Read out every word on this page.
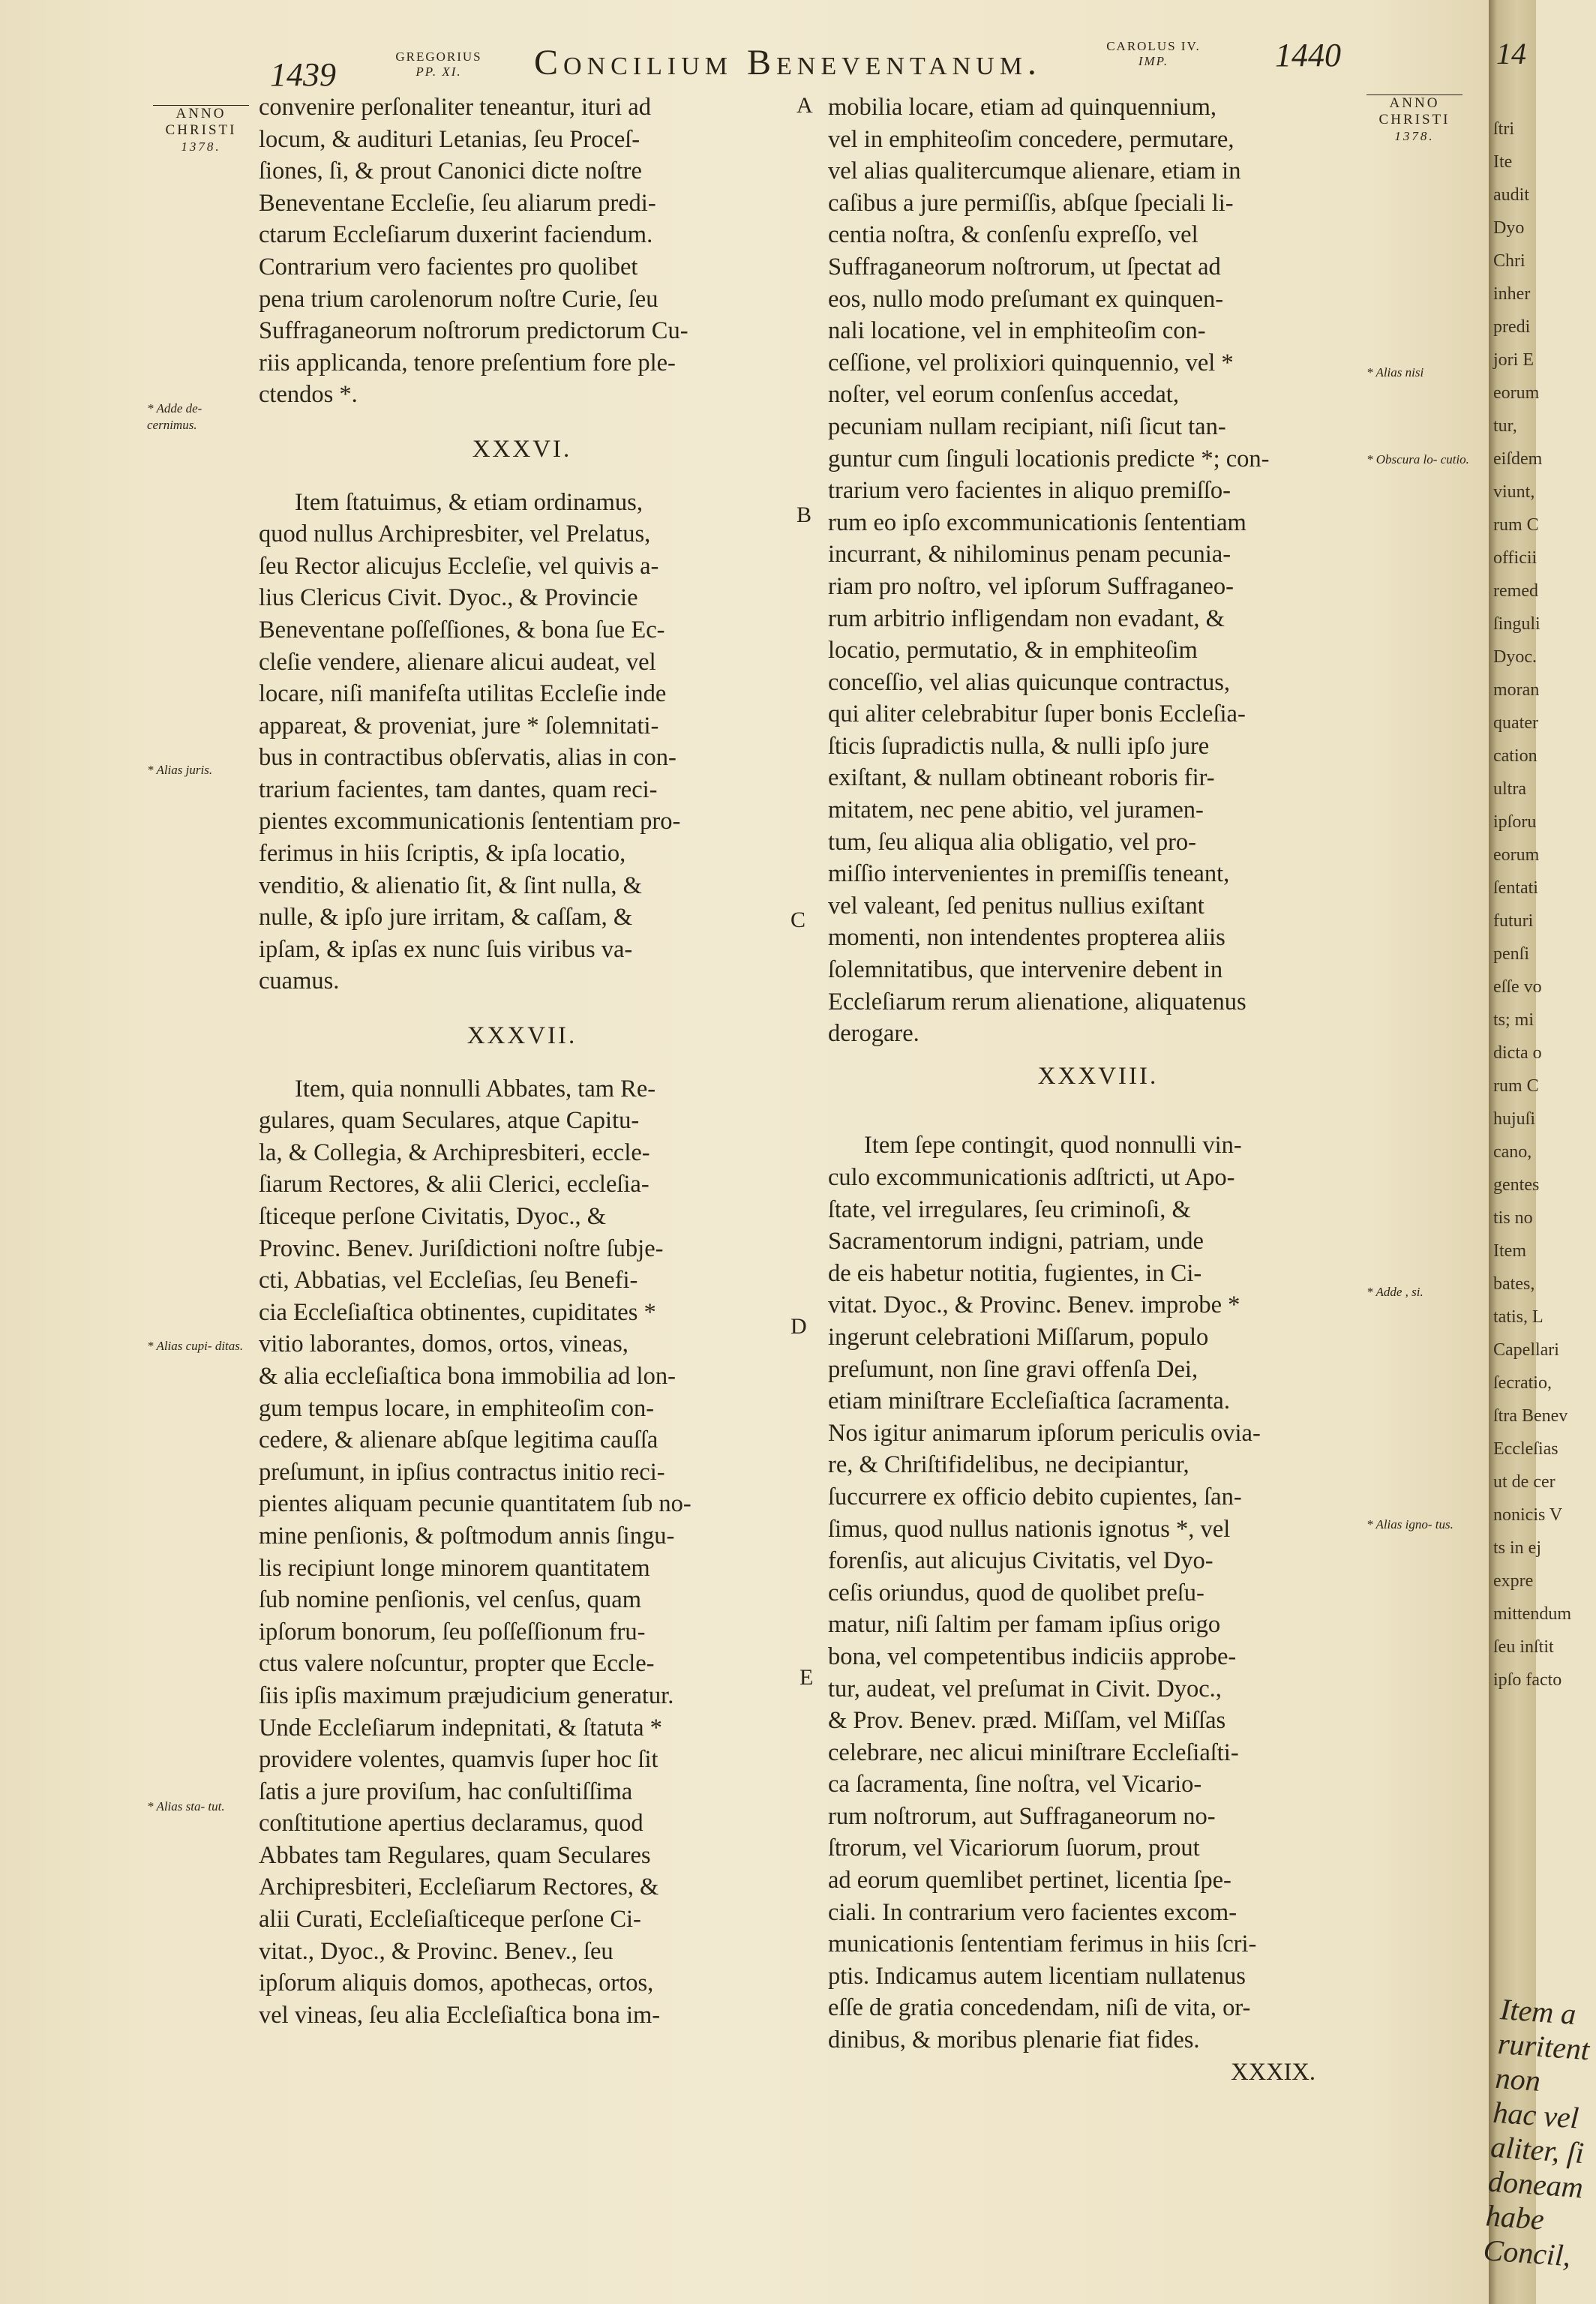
1439	GREGORIUS
PP. XI.	Concilium Beneventanum.	CAROLUS IV.
IMP.	1440
ANNO
CHRISTI
1378.
* Adde de- cernimus.
* Alias juris.
* Alias cupi- ditas.
* Alias sta- tut.
A
B
C
D
E

convenire perſonaliter teneantur, ituri ad

locum, & audituri Letanias, ſeu Proceſ-

ſiones, ſi, & prout Canonici dicte noſtre

Beneventane Eccleſie, ſeu aliarum predi-

ctarum Eccleſiarum duxerint faciendum.

Contrarium vero facientes pro quolibet

pena trium carolenorum noſtre Curie, ſeu

Suffraganeorum noſtrorum predictorum Cu-

riis applicanda, tenore preſentium fore ple-

ctendos *.

XXXVI.

Item ſtatuimus, & etiam ordinamus,

quod nullus Archipresbiter, vel Prelatus,

ſeu Rector alicujus Eccleſie, vel quivis a-

lius Clericus Civit. Dyoc., & Provincie

Beneventane poſſeſſiones, & bona ſue Ec-

cleſie vendere, alienare alicui audeat, vel

locare, niſi manifeſta utilitas Eccleſie inde

appareat, & proveniat, jure * ſolemnitati-

bus in contractibus obſervatis, alias in con-

trarium facientes, tam dantes, quam reci-

pientes excommunicationis ſententiam pro-

ferimus in hiis ſcriptis, & ipſa locatio,

venditio, & alienatio ſit, & ſint nulla, &

nulle, & ipſo jure irritam, & caſſam, &

ipſam, & ipſas ex nunc ſuis viribus va-

cuamus.

XXXVII.

Item, quia nonnulli Abbates, tam Re-

gulares, quam Seculares, atque Capitu-

la, & Collegia, & Archipresbiteri, eccle-

ſiarum Rectores, & alii Clerici, eccleſia-

ſticeque perſone Civitatis, Dyoc., &

Provinc. Benev. Juriſdictioni noſtre ſubje-

cti, Abbatias, vel Eccleſias, ſeu Benefi-

cia Eccleſiaſtica obtinentes, cupiditates *

vitio laborantes, domos, ortos, vineas,

& alia eccleſiaſtica bona immobilia ad lon-

gum tempus locare, in emphiteoſim con-

cedere, & alienare abſque legitima cauſſa

preſumunt, in ipſius contractus initio reci-

pientes aliquam pecunie quantitatem ſub no-

mine penſionis, & poſtmodum annis ſingu-

lis recipiunt longe minorem quantitatem

ſub nomine penſionis, vel cenſus, quam

ipſorum bonorum, ſeu poſſeſſionum fru-

ctus valere noſcuntur, propter que Eccle-

ſiis ipſis maximum præjudicium generatur.

Unde Eccleſiarum indepnitati, & ſtatuta *

providere volentes, quamvis ſuper hoc ſit

ſatis a jure proviſum, hac conſultiſſima

conſtitutione apertius declaramus, quod

Abbates tam Regulares, quam Seculares

Archipresbiteri, Eccleſiarum Rectores, &

alii Curati, Eccleſiaſticeque perſone Ci-

vitat., Dyoc., & Provinc. Benev., ſeu

ipſorum aliquis domos, apothecas, ortos,

vel vineas, ſeu alia Eccleſiaſtica bona im-

mobilia locare, etiam ad quinquennium,

vel in emphiteoſim concedere, permutare,

vel alias qualitercumque alienare, etiam in

caſibus a jure permiſſis, abſque ſpeciali li-

centia noſtra, & conſenſu expreſſo, vel

Suffraganeorum noſtrorum, ut ſpectat ad

eos, nullo modo preſumant ex quinquen-

nali locatione, vel in emphiteoſim con-

ceſſione, vel prolixiori quinquennio, vel *

noſter, vel eorum conſenſus accedat,

pecuniam nullam recipiant, niſi ſicut tan-

guntur cum ſinguli locationis predicte *; con-

trarium vero facientes in aliquo premiſſo-

rum eo ipſo excommunicationis ſententiam

incurrant, & nihilominus penam pecunia-

riam pro noſtro, vel ipſorum Suffraganeo-

rum arbitrio infligendam non evadant, &

locatio, permutatio, & in emphiteoſim

conceſſio, vel alias quicunque contractus,

qui aliter celebrabitur ſuper bonis Eccleſia-

ſticis ſupradictis nulla, & nulli ipſo jure

exiſtant, & nullam obtineant roboris fir-

mitatem, nec pene abitio, vel juramen-

tum, ſeu aliqua alia obligatio, vel pro-

miſſio intervenientes in premiſſis teneant,

vel valeant, ſed penitus nullius exiſtant

momenti, non intendentes propterea aliis

ſolemnitatibus, que intervenire debent in

Eccleſiarum rerum alienatione, aliquatenus

derogare.

XXXVIII.

Item ſepe contingit, quod nonnulli vin-

culo excommunicationis adſtricti, ut Apo-

ſtate, vel irregulares, ſeu criminoſi, &

Sacramentorum indigni, patriam, unde

de eis habetur notitia, fugientes, in Ci-

vitat. Dyoc., & Provinc. Benev. improbe *

ingerunt celebrationi Miſſarum, populo

preſumunt, non ſine gravi offenſa Dei,

etiam miniſtrare Eccleſiaſtica ſacramenta.

Nos igitur animarum ipſorum periculis ovia-

re, & Chriſtifidelibus, ne decipiantur,

ſuccurrere ex officio debito cupientes, ſan-

ſimus, quod nullus nationis ignotus *, vel

forenſis, aut alicujus Civitatis, vel Dyo-

ceſis oriundus, quod de quolibet preſu-

matur, niſi ſaltim per famam ipſius origo

bona, vel competentibus indiciis approbe-

tur, audeat, vel preſumat in Civit. Dyoc.,

& Prov. Benev. præd. Miſſam, vel Miſſas

celebrare, nec alicui miniſtrare Eccleſiaſti-

ca ſacramenta, ſine noſtra, vel Vicario-

rum noſtrorum, aut Suffraganeorum no-

ſtrorum, vel Vicariorum ſuorum, prout

ad eorum quemlibet pertinet, licentia ſpe-

ciali. In contrarium vero facientes excom-

municationis ſententiam ferimus in hiis ſcri-

ptis. Indicamus autem licentiam nullatenus

eſſe de gratia concedendam, niſi de vita, or-

dinibus, & moribus plenarie fiat fides.

XXXIX.

ANNO
CHRISTI
1378.
* Alias nisi
* Obscura lo- cutio.
* Adde , si.
* Alias igno- tus.
14
ſtri
Ite
audit
Dyo
Chri
inher
predi
jori E
eorum
tur,
eiſdem
viunt,
rum C
officii
remed
ſinguli
Dyoc.
moran
quater
cation
ultra
ipſoru
eorum
ſentati
futuri
penſi
eſſe vo
ts; mi
dicta o
rum C
hujuſi
cano,
gentes
tis no
Item
bates,
tatis, L
Capellari
ſecratio,
ſtra Benev
Eccleſias
ut de cer
nonicis V
ts in ej
expre
mittendum
ſeu inſtit
ipſo facto
Item a ruritent non hac vel aliter, ſi doneam habe Concil,
